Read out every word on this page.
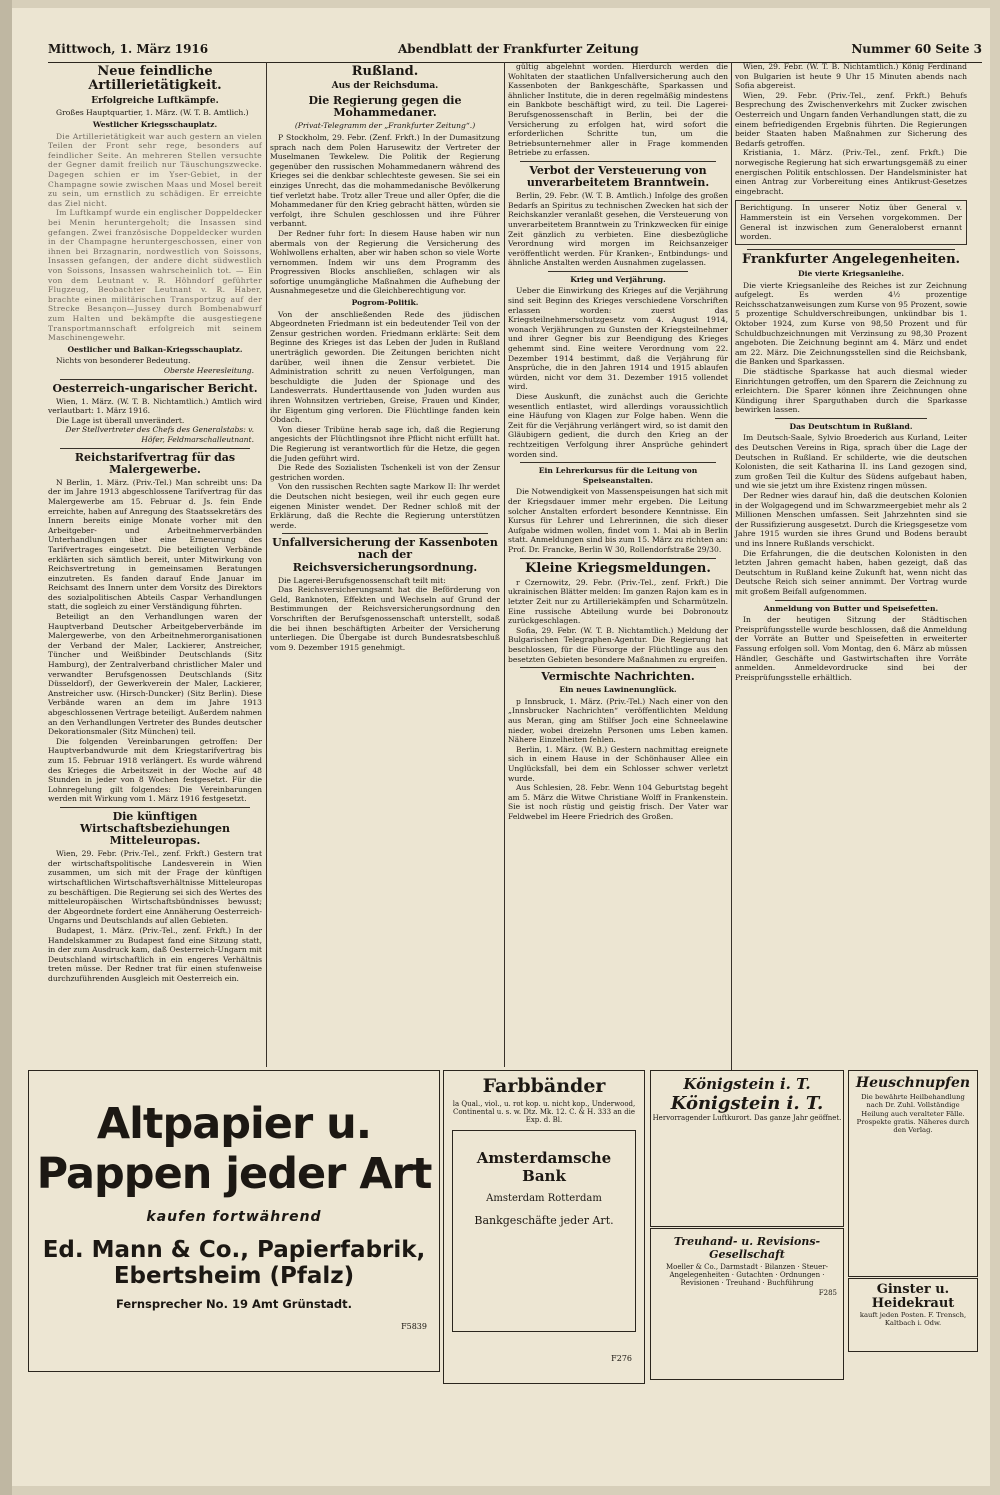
Mittwoch, 1. März 1916	Abendblatt der Frankfurter Zeitung	Nummer 60 Seite 3
Neue feindliche Artillerietätigkeit.
Erfolgreiche Luftkämpfe.

Großes Hauptquartier, 1. März. (W. T. B. Amtlich.)

Westlicher Kriegsschauplatz.

Die Artillerietätigkeit war auch gestern an vielen Teilen der Front sehr rege, besonders auf feindlicher Seite. An mehreren Stellen versuchte der Gegner damit freilich nur Täuschungszwecke. Dagegen schien er im Yser-Gebiet, in der Champagne sowie zwischen Maas und Mosel bereit zu sein, um ernstlich zu schädigen. Er erreichte das Ziel nicht.

Im Luftkampf wurde ein englischer Doppeldecker bei Menin heruntergeholt; die Insassen sind gefangen. Zwei französische Doppeldecker wurden in der Champagne heruntergeschossen, einer von ihnen bei Brzagnarin, nordwestlich von Soissons, Insassen gefangen, der andere dicht südwestlich von Soissons, Insassen wahrscheinlich tot. — Ein von dem Leutnant v. R. Höhndorf geführter Flugzeug, Beobachter Leutnant v. R. Haber, brachte einen militärischen Transportzug auf der Strecke Besançon—Jussey durch Bombenabwurf zum Halten und bekämpfte die ausgestiegene Transportmannschaft erfolgreich mit seinem Maschinengewehr.

Oestlicher und Balkan-Kriegsschauplatz.

Nichts von besonderer Bedeutung.

Oberste Heeresleitung.
Oesterreich-ungarischer Bericht.

Wien, 1. März. (W. T. B. Nichtamtlich.) Amtlich wird verlautbart: 1. März 1916.

Die Lage ist überall unverändert.

Der Stellvertreter des Chefs des Generalstabs: v. Höfer, Feldmarschalleutnant.
Reichstarifvertrag für das Malergewerbe.

N Berlin, 1. März. (Priv.-Tel.) Man schreibt uns: Da der im Jahre 1913 abgeschlossene Tarifvertrag für das Malergewerbe am 15. Februar d. Js. fein Ende erreichte, haben auf Anregung des Staatssekretärs des Innern bereits einige Monate vorher mit den Arbeitgeber- und Arbeitnehmerverbänden Unterhandlungen über eine Erneuerung des Tarifvertrages eingesetzt. Die beteiligten Verbände erklärten sich sämtlich bereit, unter Mitwirkung von Reichsvertretung in gemeinsamen Beratungen einzutreten. Es fanden darauf Ende Januar im Reichsamt des Innern unter dem Vorsitz des Direktors des sozialpolitischen Abteils Caspar Verhandlungen statt, die sogleich zu einer Verständigung führten.

Beteiligt an den Verhandlungen waren der Hauptverband Deutscher Arbeitgeberverbände im Malergewerbe, von den Arbeitnehmerorganisationen der Verband der Maler, Lackierer, Anstreicher, Tüncher und Weißbinder Deutschlands (Sitz Hamburg), der Zentralverband christlicher Maler und verwandter Berufsgenossen Deutschlands (Sitz Düsseldorf), der Gewerkverein der Maler, Lackierer, Anstreicher usw. (Hirsch-Duncker) (Sitz Berlin). Diese Verbände waren an dem im Jahre 1913 abgeschlossenen Vertrage beteiligt. Außerdem nahmen an den Verhandlungen Vertreter des Bundes deutscher Dekorationsmaler (Sitz München) teil.

Die folgenden Vereinbarungen getroffen: Der Hauptverbandwurde mit dem Kriegstarifvertrag bis zum 15. Februar 1918 verlängert. Es wurde während des Krieges die Arbeitszeit in der Woche auf 48 Stunden in jeder von 8 Wochen festgesetzt. Für die Lohnregelung gilt folgendes: Die Vereinbarungen werden mit Wirkung vom 1. März 1916 festgesetzt.

Die künftigen Wirtschaftsbeziehungen Mitteleuropas.

Wien, 29. Febr. (Priv.-Tel., zenf. Frkft.) Gestern trat der wirtschaftspolitische Landesverein in Wien zusammen, um sich mit der Frage der künftigen wirtschaftlichen Wirtschaftsverhältnisse Mitteleuropas zu beschäftigen. Die Regierung sei sich des Wertes des mitteleuropäischen Wirtschaftsbündnisses bewusst; der Abgeordnete fordert eine Annäherung Oesterreich-Ungarns und Deutschlands auf allen Gebieten.

Budapest, 1. März. (Priv.-Tel., zenf. Frkft.) In der Handelskammer zu Budapest fand eine Sitzung statt, in der zum Ausdruck kam, daß Oesterreich-Ungarn mit Deutschland wirtschaftlich in ein engeres Verhältnis treten müsse. Der Redner trat für einen stufenweise durchzuführenden Ausgleich mit Oesterreich ein.

Rußland.
Aus der Reichsduma.
Die Regierung gegen die Mohammedaner.
(Privat-Telegramm der „Frankfurter Zeitung“.)

P Stockholm, 29. Febr. (Zenf. Frkft.) In der Dumasitzung sprach nach dem Polen Harusewitz der Vertreter der Muselmanen Tewkelew. Die Politik der Regierung gegenüber den russischen Mohammedanern während des Krieges sei die denkbar schlechteste gewesen. Sie sei ein einziges Unrecht, das die mohammedanische Bevölkerung tief verletzt habe. Trotz aller Treue und aller Opfer, die die Mohammedaner für den Krieg gebracht hätten, würden sie verfolgt, ihre Schulen geschlossen und ihre Führer verbannt.

Der Redner fuhr fort: In diesem Hause haben wir nun abermals von der Regierung die Versicherung des Wohlwollens erhalten, aber wir haben schon so viele Worte vernommen. Indem wir uns dem Programm des Progressiven Blocks anschließen, schlagen wir als sofortige unumgängliche Maßnahmen die Aufhebung der Ausnahmegesetze und die Gleichberechtigung vor.

Pogrom-Politik.

Von der anschließenden Rede des jüdischen Abgeordneten Friedmann ist ein bedeutender Teil von der Zensur gestrichen worden. Friedmann erklärte: Seit dem Beginne des Krieges ist das Leben der Juden in Rußland unerträglich geworden. Die Zeitungen berichten nicht darüber, weil ihnen die Zensur verbietet. Die Administration schritt zu neuen Verfolgungen, man beschuldigte die Juden der Spionage und des Landesverrats. Hunderttausende von Juden wurden aus ihren Wohnsitzen vertrieben, Greise, Frauen und Kinder, ihr Eigentum ging verloren. Die Flüchtlinge fanden kein Obdach.

Von dieser Tribüne herab sage ich, daß die Regierung angesichts der Flüchtlingsnot ihre Pflicht nicht erfüllt hat. Die Regierung ist verantwortlich für die Hetze, die gegen die Juden geführt wird.

Die Rede des Sozialisten Tschenkeli ist von der Zensur gestrichen worden.

Von den russischen Rechten sagte Markow II: Ihr werdet die Deutschen nicht besiegen, weil ihr euch gegen eure eigenen Minister wendet. Der Redner schloß mit der Erklärung, daß die Rechte die Regierung unterstützen werde.

Unfallversicherung der Kassenboten nach der Reichsversicherungsordnung.

Die Lagerei-Berufsgenossenschaft teilt mit:

Das Reichsversicherungsamt hat die Beförderung von Geld, Banknoten, Effekten und Wechseln auf Grund der Bestimmungen der Reichsversicherungsordnung den Vorschriften der Berufsgenossenschaft unterstellt, sodaß die bei ihnen beschäftigten Arbeiter der Versicherung unterliegen. Die Übergabe ist durch Bundesratsbeschluß vom 9. Dezember 1915 genehmigt.

gültig abgelehnt worden. Hierdurch werden die Wohltaten der staatlichen Unfallversicherung auch den Kassenboten der Bankgeschäfte, Sparkassen und ähnlicher Institute, die in deren regelmäßig mindestens ein Bankbote beschäftigt wird, zu teil. Die Lagerei-Berufsgenossenschaft in Berlin, bei der die Versicherung zu erfolgen hat, wird sofort die erforderlichen Schritte tun, um die Betriebsunternehmer aller in Frage kommenden Betriebe zu erfassen.

Verbot der Versteuerung von unverarbeitetem Branntwein.

Berlin, 29. Febr. (W. T. B. Amtlich.) Infolge des großen Bedarfs an Spiritus zu technischen Zwecken hat sich der Reichskanzler veranlaßt gesehen, die Versteuerung von unverarbeitetem Branntwein zu Trinkzwecken für einige Zeit gänzlich zu verbieten. Eine diesbezügliche Verordnung wird morgen im Reichsanzeiger veröffentlicht werden. Für Kranken-, Entbindungs- und ähnliche Anstalten werden Ausnahmen zugelassen.

Krieg und Verjährung.

Ueber die Einwirkung des Krieges auf die Verjährung sind seit Beginn des Krieges verschiedene Vorschriften erlassen worden: zuerst das Kriegsteilnehmerschutzgesetz vom 4. August 1914, wonach Verjährungen zu Gunsten der Kriegsteilnehmer und ihrer Gegner bis zur Beendigung des Krieges gehemmt sind. Eine weitere Verordnung vom 22. Dezember 1914 bestimmt, daß die Verjährung für Ansprüche, die in den Jahren 1914 und 1915 ablaufen würden, nicht vor dem 31. Dezember 1915 vollendet wird.

Diese Auskunft, die zunächst auch die Gerichte wesentlich entlastet, wird allerdings voraussichtlich eine Häufung von Klagen zur Folge haben. Wenn die Zeit für die Verjährung verlängert wird, so ist damit den Gläubigern gedient, die durch den Krieg an der rechtzeitigen Verfolgung ihrer Ansprüche gehindert worden sind.

Ein Lehrerkursus für die Leitung von Speiseanstalten.

Die Notwendigkeit von Massenspeisungen hat sich mit der Kriegsdauer immer mehr ergeben. Die Leitung solcher Anstalten erfordert besondere Kenntnisse. Ein Kursus für Lehrer und Lehrerinnen, die sich dieser Aufgabe widmen wollen, findet vom 1. Mai ab in Berlin statt. Anmeldungen sind bis zum 15. März zu richten an: Prof. Dr. Francke, Berlin W 30, Rollendorfstraße 29/30.

Kleine Kriegsmeldungen.

r Czernowitz, 29. Febr. (Priv.-Tel., zenf. Frkft.) Die ukrainischen Blätter melden: Im ganzen Rajon kam es in letzter Zeit nur zu Artilleriekämpfen und Scharmützeln. Eine russische Abteilung wurde bei Dobronoutz zurückgeschlagen.

Sofia, 29. Febr. (W. T. B. Nichtamtlich.) Meldung der Bulgarischen Telegraphen-Agentur. Die Regierung hat beschlossen, für die Fürsorge der Flüchtlinge aus den besetzten Gebieten besondere Maßnahmen zu ergreifen.

Vermischte Nachrichten.
Ein neues Lawinenunglück.

p Innsbruck, 1. März. (Priv.-Tel.) Nach einer von den „Innsbrucker Nachrichten“ veröffentlichten Meldung aus Meran, ging am Stilfser Joch eine Schneelawine nieder, wobei dreizehn Personen ums Leben kamen. Nähere Einzelheiten fehlen.

Berlin, 1. März. (W. B.) Gestern nachmittag ereignete sich in einem Hause in der Schönhauser Allee ein Unglücksfall, bei dem ein Schlosser schwer verletzt wurde.

Aus Schlesien, 28. Febr. Wenn 104 Geburtstag begeht am 5. März die Witwe Christiane Wolff in Frankenstein. Sie ist noch rüstig und geistig frisch. Der Vater war Feldwebel im Heere Friedrich des Großen.

Wien, 29. Febr. (W. T. B. Nichtamtlich.) König Ferdinand von Bulgarien ist heute 9 Uhr 15 Minuten abends nach Sofia abgereist.

Wien, 29. Febr. (Priv.-Tel., zenf. Frkft.) Behufs Besprechung des Zwischenverkehrs mit Zucker zwischen Oesterreich und Ungarn fanden Verhandlungen statt, die zu einem befriedigenden Ergebnis führten. Die Regierungen beider Staaten haben Maßnahmen zur Sicherung des Bedarfs getroffen.

Kristiania, 1. März. (Priv.-Tel., zenf. Frkft.) Die norwegische Regierung hat sich erwartungsgemäß zu einer energischen Politik entschlossen. Der Handelsminister hat einen Antrag zur Vorbereitung eines Antikrust-Gesetzes eingebracht.

Berichtigung. In unserer Notiz über General v. Hammerstein ist ein Versehen vorgekommen. Der General ist inzwischen zum Generaloberst ernannt worden.
Frankfurter Angelegenheiten.
Die vierte Kriegsanleihe.

Die vierte Kriegsanleihe des Reiches ist zur Zeichnung aufgelegt. Es werden 4½ prozentige Reichsschatzanweisungen zum Kurse von 95 Prozent, sowie 5 prozentige Schuldverschreibungen, unkündbar bis 1. Oktober 1924, zum Kurse von 98,50 Prozent und für Schuldbuchzeichnungen mit Verzinsung zu 98,30 Prozent angeboten. Die Zeichnung beginnt am 4. März und endet am 22. März. Die Zeichnungsstellen sind die Reichsbank, die Banken und Sparkassen.

Die städtische Sparkasse hat auch diesmal wieder Einrichtungen getroffen, um den Sparern die Zeichnung zu erleichtern. Die Sparer können ihre Zeichnungen ohne Kündigung ihrer Sparguthaben durch die Sparkasse bewirken lassen.

Das Deutschtum in Rußland.

Im Deutsch-Saale, Sylvio Broederich aus Kurland, Leiter des Deutschen Vereins in Riga, sprach über die Lage der Deutschen in Rußland. Er schilderte, wie die deutschen Kolonisten, die seit Katharina II. ins Land gezogen sind, zum großen Teil die Kultur des Südens aufgebaut haben, und wie sie jetzt um ihre Existenz ringen müssen.

Der Redner wies darauf hin, daß die deutschen Kolonien in der Wolgagegend und im Schwarzmeergebiet mehr als 2 Millionen Menschen umfassen. Seit Jahrzehnten sind sie der Russifizierung ausgesetzt. Durch die Kriegsgesetze vom Jahre 1915 wurden sie ihres Grund und Bodens beraubt und ins Innere Rußlands verschickt.

Die Erfahrungen, die die deutschen Kolonisten in den letzten Jahren gemacht haben, haben gezeigt, daß das Deutschtum in Rußland keine Zukunft hat, wenn nicht das Deutsche Reich sich seiner annimmt. Der Vortrag wurde mit großem Beifall aufgenommen.

Anmeldung von Butter und Speisefetten.

In der heutigen Sitzung der Städtischen Preisprüfungsstelle wurde beschlossen, daß die Anmeldung der Vorräte an Butter und Speisefetten in erweiterter Fassung erfolgen soll. Vom Montag, den 6. März ab müssen Händler, Geschäfte und Gastwirtschaften ihre Vorräte anmelden. Anmeldevordrucke sind bei der Preisprüfungsstelle erhältlich.

Altpapier u. Pappen jeder Art
kaufen fortwährend
Ed. Mann & Co., Papierfabrik, Ebertsheim (Pfalz)
Fernsprecher No. 19 Amt Grünstadt.
F5839
Farbbänder
la Qual., viol., u. rot kop. u. nicht kop., Underwood, Continental u. s. w. Dtz. Mk. 12. C. & H. 333 an die Exp. d. Bl.
Amsterdamsche Bank
Amsterdam Rotterdam
Bankgeschäfte jeder Art.
F276
Königstein i. T.
Königstein i. T.
Hervorragender Luftkurort. Das ganze Jahr geöffnet.
Treuhand- u. Revisions-Gesellschaft
Moeller & Co., Darmstadt · Bilanzen · Steuer-Angelegenheiten · Gutachten · Ordnungen · Revisionen · Treuhand · Buchführung
F285
Heuschnupfen
Die bewährte Heilbehandlung nach Dr. Zuhl. Vollständige Heilung auch veralteter Fälle. Prospekte gratis. Näheres durch den Verlag.
Ginster u. Heidekraut
kauft jeden Posten. F. Trensch, Kaltbach i. Odw.
